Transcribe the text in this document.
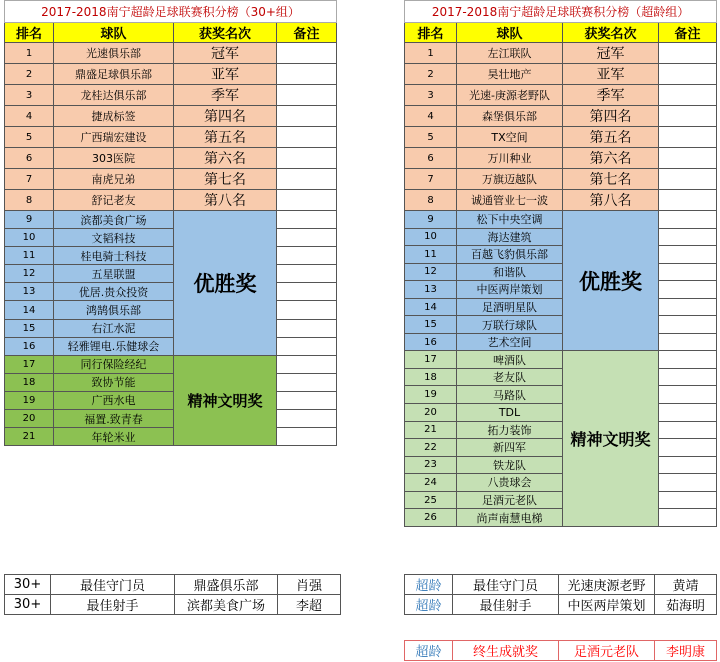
2017-2018南宁超龄足球联赛积分榜（30+组）			
排名	球队	获奖名次	备注
1	光速俱乐部	冠军	
2	鼎盛足球俱乐部	亚军	
3	龙桂达俱乐部	季军	
4	捷成标签	第四名	
5	广西瑞宏建设	第五名	
6	303医院	第六名	
7	南虎兄弟	第七名	
8	舒记老友	第八名	
9	滨都美食广场	优胜奖	
10	文韬科技		
11	桂电骑士科技		
12	五星联盟		
13	优居.贵众投资		
14	鸿鹄俱乐部		
15	右江水泥		
16	轻雅锂电.乐健球会		
17	同行保险经纪	精神文明奖	
18	致协节能		
19	广西水电		
20	福置.致青春		
21	年轮米业		
30+	最佳守门员	鼎盛俱乐部	肖强
30+	最佳射手	滨都美食广场	李超
2017-2018南宁超龄足球联赛积分榜（超龄组）			
排名	球队	获奖名次	备注
1	左江联队	冠军	
2	昊壮地产	亚军	
3	光速-庚源老野队	季军	
4	森堡俱乐部	第四名	
5	TX空间	第五名	
6	万川种业	第六名	
7	万旗迈越队	第七名	
8	诚通管业七一波	第八名	
9	松下中央空调	优胜奖	
10	海达建筑		
11	百越飞豹俱乐部		
12	和谐队		
13	中医两岸策划		
14	足酒明星队		
15	万联行球队		
16	艺术空间		
17	啤酒队	精神文明奖	
18	老友队		
19	马路队		
20	TDL		
21	拓力装饰		
22	新四军		
23	铁龙队		
24	八贵球会		
25	足酒元老队		
26	尚声南慧电梯		
超龄	最佳守门员	光速庚源老野	黄靖
超龄	最佳射手	中医两岸策划	茹海明
超龄	终生成就奖	足酒元老队	李明康
